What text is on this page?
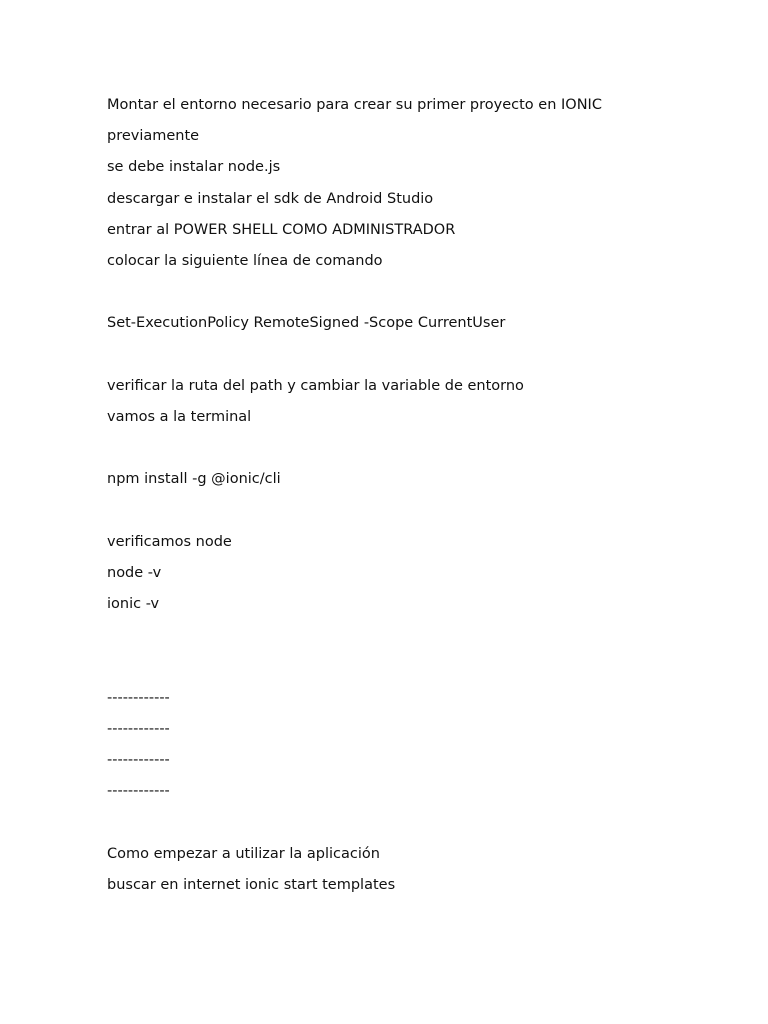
Montar el entorno necesario para crear su primer proyecto en IONIC

previamente

se debe instalar node.js

descargar e instalar el sdk de Android Studio

entrar al POWER SHELL COMO ADMINISTRADOR

colocar la siguiente línea de comando

Set-ExecutionPolicy RemoteSigned -Scope CurrentUser

verificar la ruta del path y cambiar la variable de entorno

vamos a la terminal

npm install -g @ionic/cli

verificamos node

node -v

ionic -v

------------

------------

------------

------------

Como empezar a utilizar la aplicación

buscar en internet ionic start templates
